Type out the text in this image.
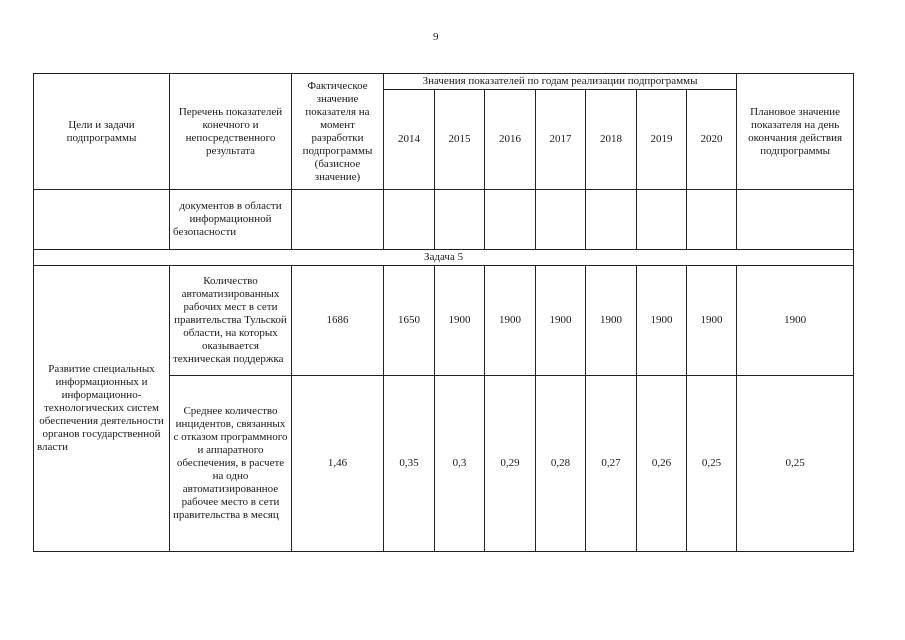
9
Цели и задачи подпрограммы	Перечень показателей конечного и непосредственного результата	Фактическое значение показателя на момент разработки подпрограммы (базисное значение)	Значения показателей по годам реализации подпрограммы							Плановое значение показателя на день окончания действия подпрограммы
			2014	2015	2016	2017	2018	2019	2020	
	документов в области информационной безопасности									
Задача 5										
Развитие специальных информационных и информационно-технологических систем обеспечения деятельности органов государственной власти	Количество автоматизированных рабочих мест в сети правительства Тульской области, на которых оказывается техническая поддержка	1686	1650	1900	1900	1900	1900	1900	1900	1900
	Среднее количество инцидентов, связанных с отказом программного и аппаратного обеспечения, в расчете на одно автоматизированное рабочее место в сети правительства в месяц	1,46	0,35	0,3	0,29	0,28	0,27	0,26	0,25	0,25
